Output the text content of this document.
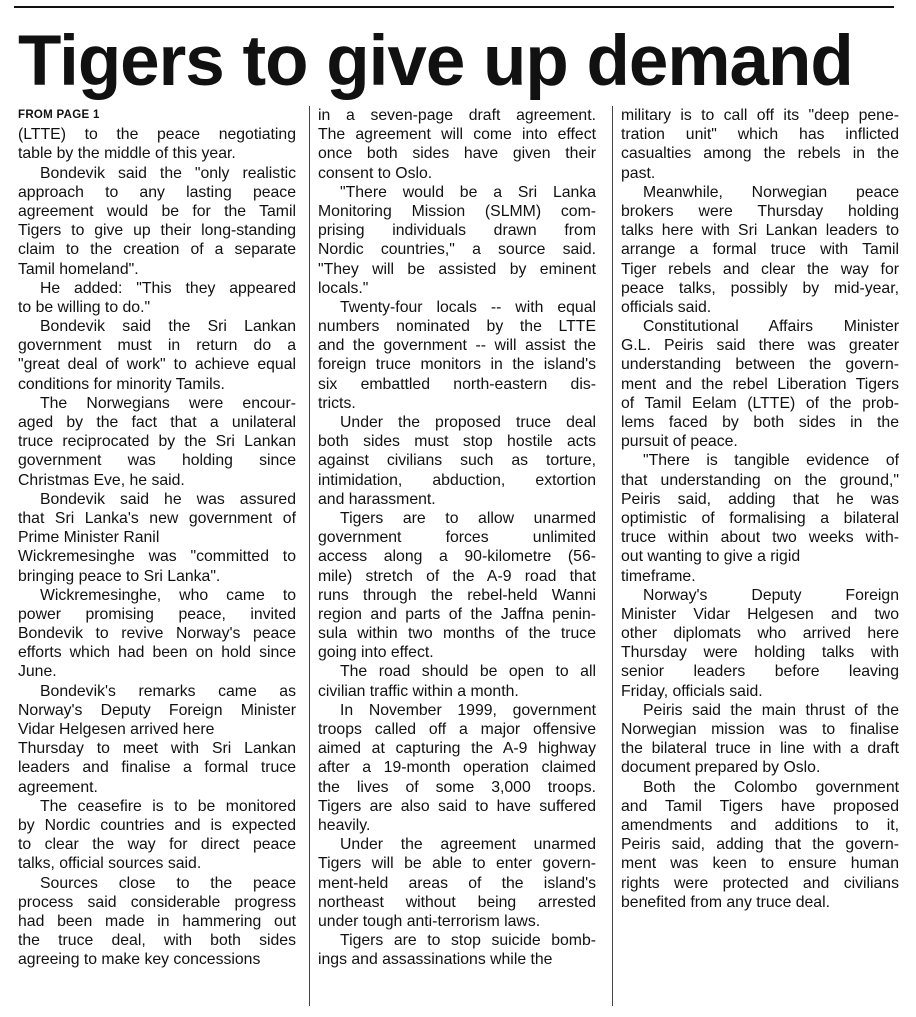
Tigers to give up demand
FROM PAGE 1
(LTTE) to the peace negotiating
table by the middle of this year.
Bondevik said the "only realistic
approach to any lasting peace
agreement would be for the Tamil
Tigers to give up their long-standing
claim to the creation of a separate
Tamil homeland".
He added: "This they appeared
to be willing to do."
Bondevik said the Sri Lankan
government must in return do a
"great deal of work" to achieve equal
conditions for minority Tamils.
The Norwegians were encour-
aged by the fact that a unilateral
truce reciprocated by the Sri Lankan
government was holding since
Christmas Eve, he said.
Bondevik said he was assured
that Sri Lanka's new government of
Prime Minister Ranil
Wickremesinghe was "committed to
bringing peace to Sri Lanka".
Wickremesinghe, who came to
power promising peace, invited
Bondevik to revive Norway's peace
efforts which had been on hold since
June.
Bondevik's remarks came as
Norway's Deputy Foreign Minister
Vidar Helgesen arrived here
Thursday to meet with Sri Lankan
leaders and finalise a formal truce
agreement.
The ceasefire is to be monitored
by Nordic countries and is expected
to clear the way for direct peace
talks, official sources said.
Sources close to the peace
process said considerable progress
had been made in hammering out
the truce deal, with both sides
agreeing to make key concessions
in a seven-page draft agreement.
The agreement will come into effect
once both sides have given their
consent to Oslo.
"There would be a Sri Lanka
Monitoring Mission (SLMM) com-
prising individuals drawn from
Nordic countries," a source said.
"They will be assisted by eminent
locals."
Twenty-four locals -- with equal
numbers nominated by the LTTE
and the government -- will assist the
foreign truce monitors in the island's
six embattled north-eastern dis-
tricts.
Under the proposed truce deal
both sides must stop hostile acts
against civilians such as torture,
intimidation, abduction, extortion
and harassment.
Tigers are to allow unarmed
government forces unlimited
access along a 90-kilometre (56-
mile) stretch of the A-9 road that
runs through the rebel-held Wanni
region and parts of the Jaffna penin-
sula within two months of the truce
going into effect.
The road should be open to all
civilian traffic within a month.
In November 1999, government
troops called off a major offensive
aimed at capturing the A-9 highway
after a 19-month operation claimed
the lives of some 3,000 troops.
Tigers are also said to have suffered
heavily.
Under the agreement unarmed
Tigers will be able to enter govern-
ment-held areas of the island's
northeast without being arrested
under tough anti-terrorism laws.
Tigers are to stop suicide bomb-
ings and assassinations while the
military is to call off its "deep pene-
tration unit" which has inflicted
casualties among the rebels in the
past.
Meanwhile, Norwegian peace
brokers were Thursday holding
talks here with Sri Lankan leaders to
arrange a formal truce with Tamil
Tiger rebels and clear the way for
peace talks, possibly by mid-year,
officials said.
Constitutional Affairs Minister
G.L. Peiris said there was greater
understanding between the govern-
ment and the rebel Liberation Tigers
of Tamil Eelam (LTTE) of the prob-
lems faced by both sides in the
pursuit of peace.
"There is tangible evidence of
that understanding on the ground,"
Peiris said, adding that he was
optimistic of formalising a bilateral
truce within about two weeks with-
out wanting to give a rigid
timeframe.
Norway's Deputy Foreign
Minister Vidar Helgesen and two
other diplomats who arrived here
Thursday were holding talks with
senior leaders before leaving
Friday, officials said.
Peiris said the main thrust of the
Norwegian mission was to finalise
the bilateral truce in line with a draft
document prepared by Oslo.
Both the Colombo government
and Tamil Tigers have proposed
amendments and additions to it,
Peiris said, adding that the govern-
ment was keen to ensure human
rights were protected and civilians
benefited from any truce deal.
